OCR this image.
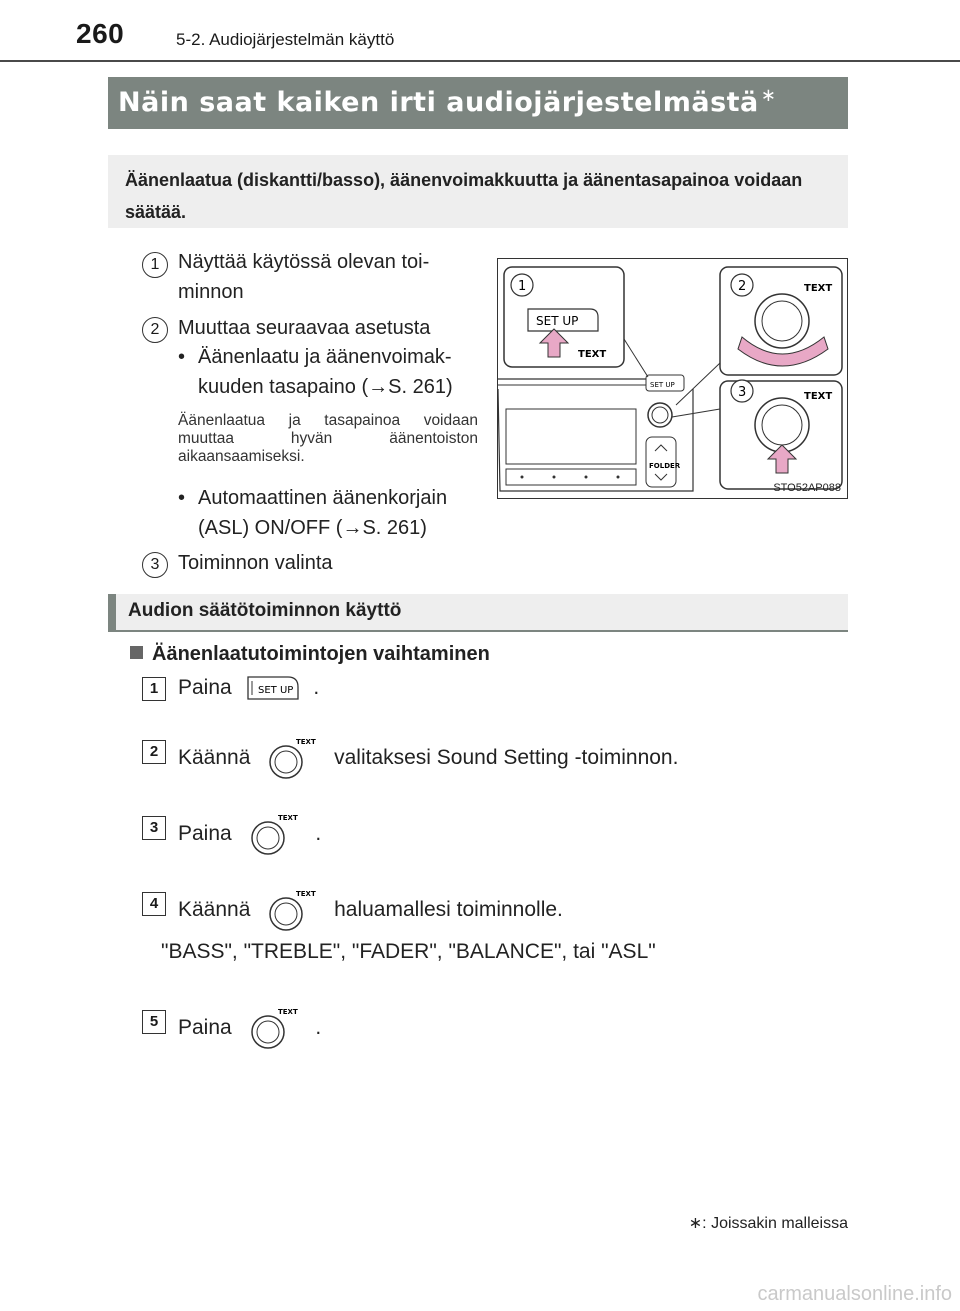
260	5-2. Audiojärjestelmän käyttö
Näin saat kaiken irti audiojärjestelmästä ∗

Äänenlaatua (diskantti/basso), äänenvoimakkuutta ja äänentasapainoa voidaan säätää.

1 Näyttää käytössä olevan toi-
minnon
2 Muuttaa seuraavaa asetusta
• Äänenlaatu ja äänenvoimak-
kuuden tasapaino (→S. 261)
Äänenlaatua ja tasapainoa voidaan muuttaa hyvän äänentoiston aikaansaamiseksi.
• Automaattinen äänenkorjain
(ASL) ON/OFF (→S. 261)
3 Toiminnon valinta
SET UP
FOLDER
1
SET UP
TEXT
2	TEXT
3	TEXT
STO52AP088
Audion säätötoiminnon käyttö
Äänenlaatutoimintojen vaihtaminen
1 Paina	SET UP .
2 Käännä
TEXT
valitaksesi Sound Setting -toiminnon.
3 Paina
TEXT
.
4 Käännä
TEXT
haluamallesi toiminnolle.
"BASS", "TREBLE", "FADER", "BALANCE", tai "ASL"
5 Paina
TEXT
.
∗: Joissakin malleissa
carmanualsonline.info
